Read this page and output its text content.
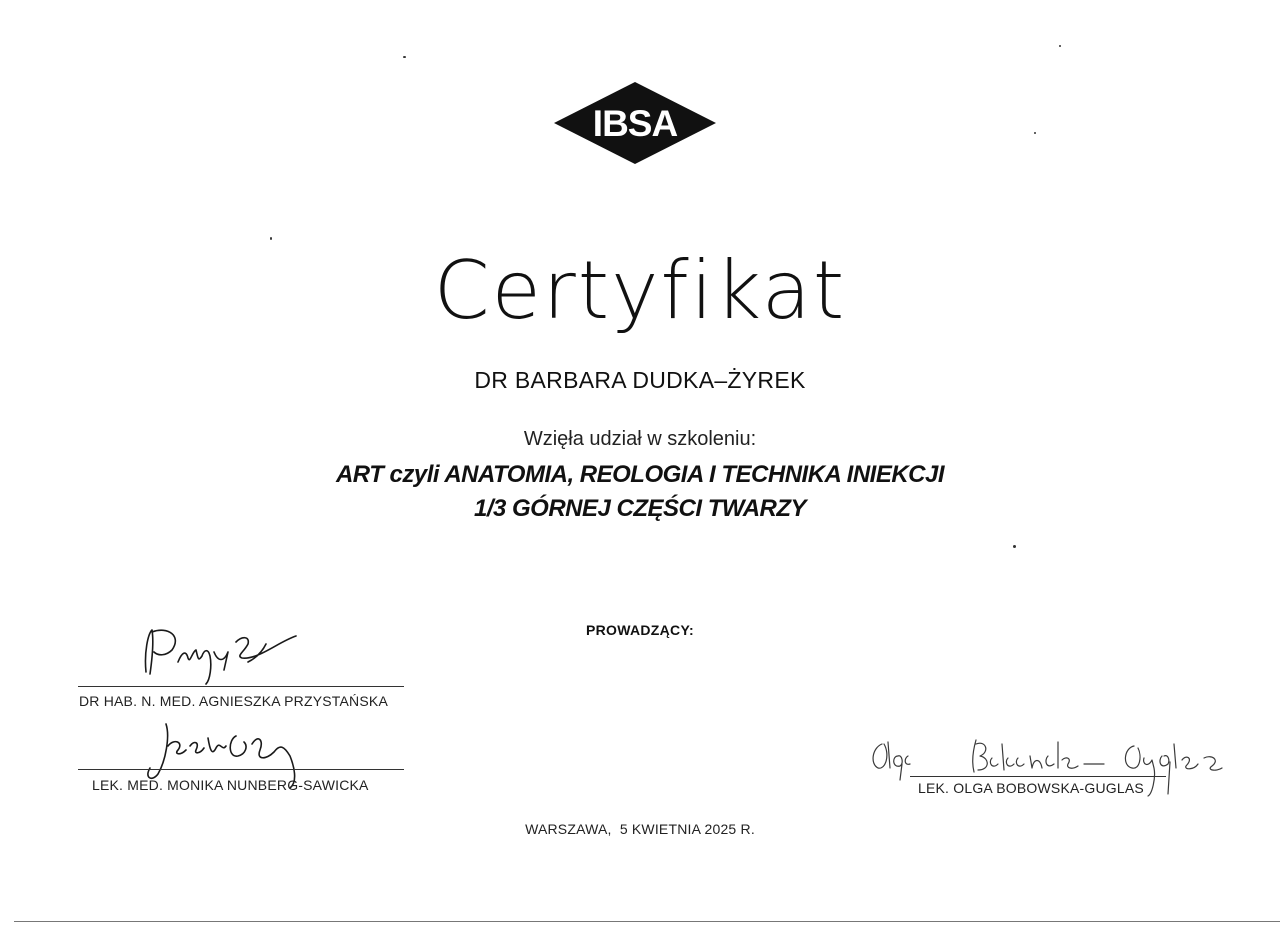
IBSA
Certyfikat
DR BARBARA DUDKA–ŻYREK
Wzięła udział w szkoleniu:
ART czyli ANATOMIA, REOLOGIA I TECHNIKA INIEKCJI
1/3 GÓRNEJ CZĘŚCI TWARZY
PROWADZĄCY:
DR HAB. N. MED. AGNIESZKA PRZYSTAŃSKA
LEK. MED. MONIKA NUNBERG-SAWICKA	LEK. OLGA BOBOWSKA-GUGLAS
WARSZAWA,  5 KWIETNIA 2025 R.
